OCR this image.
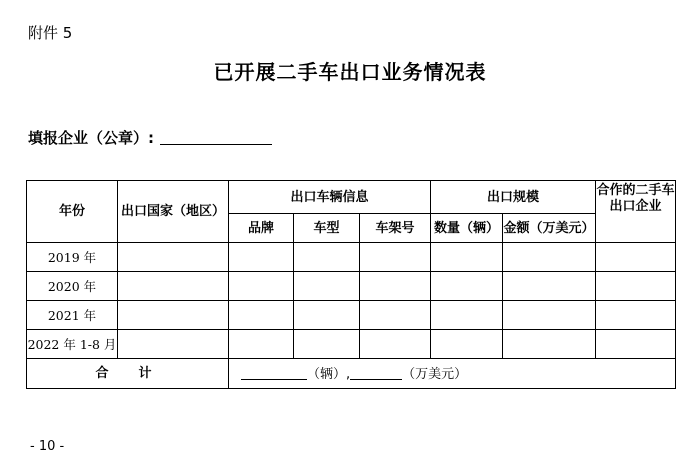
附件 5
已开展二手车出口业务情况表
填报企业（公章）:
年份	出口国家（地区）	出口车辆信息			出口规模		合作的二手车出口企业
		品牌	车型	车架号	数量（辆）	金额（万美元）	
2019 年							
2020 年							
2021 年							
2022 年 1-8 月							
合计		（辆）, （万美元）					
- 10 -
